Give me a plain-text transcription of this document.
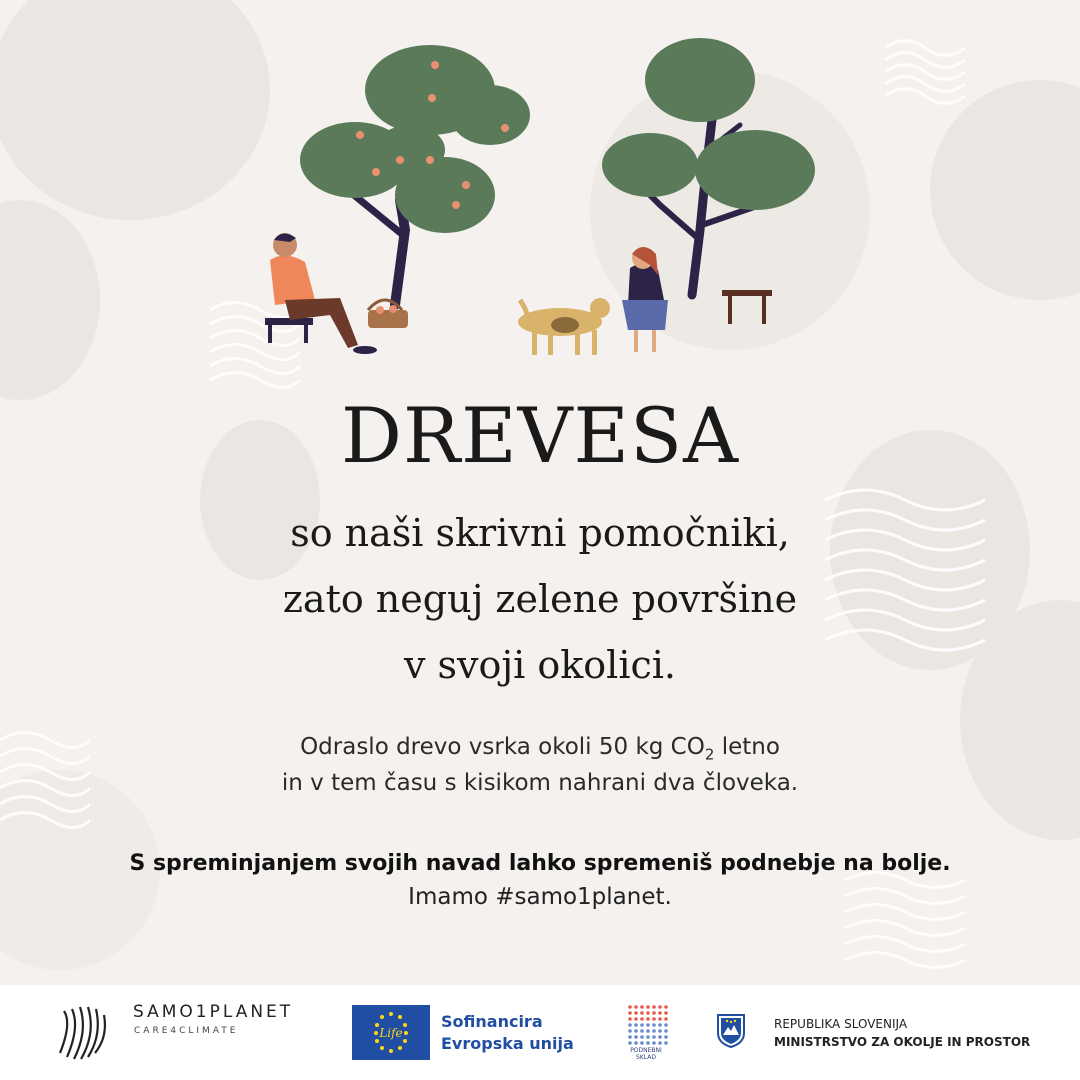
DREVESA
so naši skrivni pomočniki,
zato neguj zelene površine
v svoji okolici.
Odraslo drevo vsrka okoli 50 kg $CO_2$ letno
in v tem času s kisikom nahrani dva človeka.
S spreminjanjem svojih navad lahko spremeniš podnebje na bolje.
Imamo #samo1planet.
SAMO1PLANET
CARE4CLIMATE	Life
Sofinancira
Evropska unija	PODNEBNI
SKLAD
REPUBLIKA SLOVENIJA
MINISTRSTVO ZA OKOLJE IN PROSTOR
